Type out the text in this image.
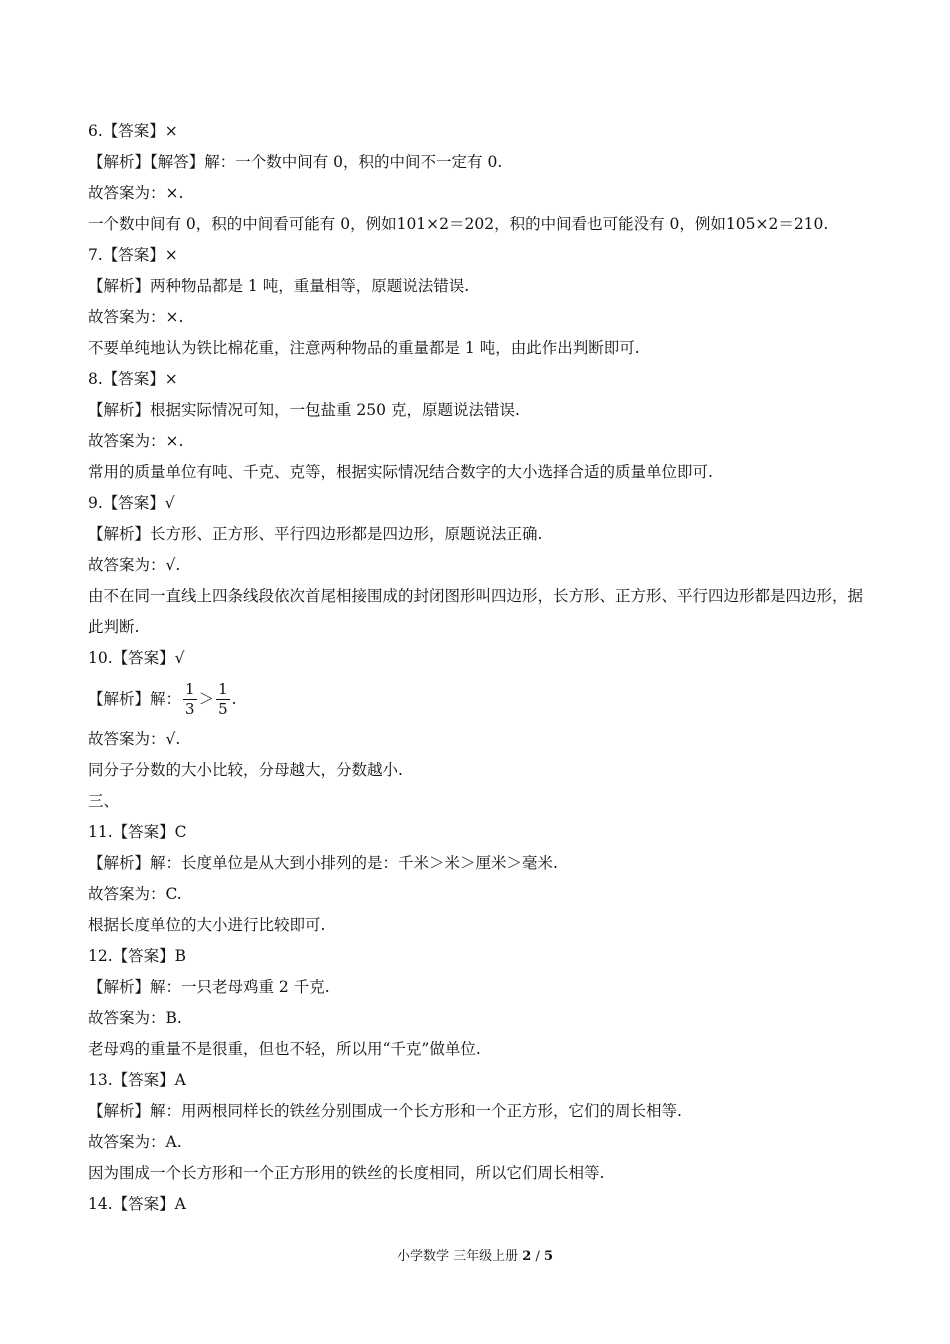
6.【答案】×
【解析】【解答】解：一个数中间有 0，积的中间不一定有 0.
故答案为：×.
一个数中间有 0，积的中间看可能有 0，例如101×2＝202，积的中间看也可能没有 0，例如105×2＝210.
7.【答案】×
【解析】两种物品都是 1 吨，重量相等，原题说法错误.
故答案为：×.
不要单纯地认为铁比棉花重，注意两种物品的重量都是 1 吨，由此作出判断即可.
8.【答案】×
【解析】根据实际情况可知，一包盐重 250 克，原题说法错误.
故答案为：×.
常用的质量单位有吨、千克、克等，根据实际情况结合数字的大小选择合适的质量单位即可.
9.【答案】√
【解析】长方形、正方形、平行四边形都是四边形，原题说法正确.
故答案为：√.
由不在同一直线上四条线段依次首尾相接围成的封闭图形叫四边形，长方形、正方形、平行四边形都是四边形，据此判断.
10.【答案】√
【解析】解： $\frac{1}{3} > \frac{1}{5}$ .
故答案为：√.
同分子分数的大小比较，分母越大，分数越小.
三、
11.【答案】C
【解析】解：长度单位是从大到小排列的是：千米＞米＞厘米＞毫米.
故答案为：C.
根据长度单位的大小进行比较即可.
12.【答案】B
【解析】解：一只老母鸡重 2 千克.
故答案为：B.
老母鸡的重量不是很重，但也不轻，所以用“千克”做单位.
13.【答案】A
【解析】解：用两根同样长的铁丝分别围成一个长方形和一个正方形，它们的周长相等.
故答案为：A.
因为围成一个长方形和一个正方形用的铁丝的长度相同，所以它们周长相等.
14.【答案】A
小学数学 三年级上册 2 / 5
